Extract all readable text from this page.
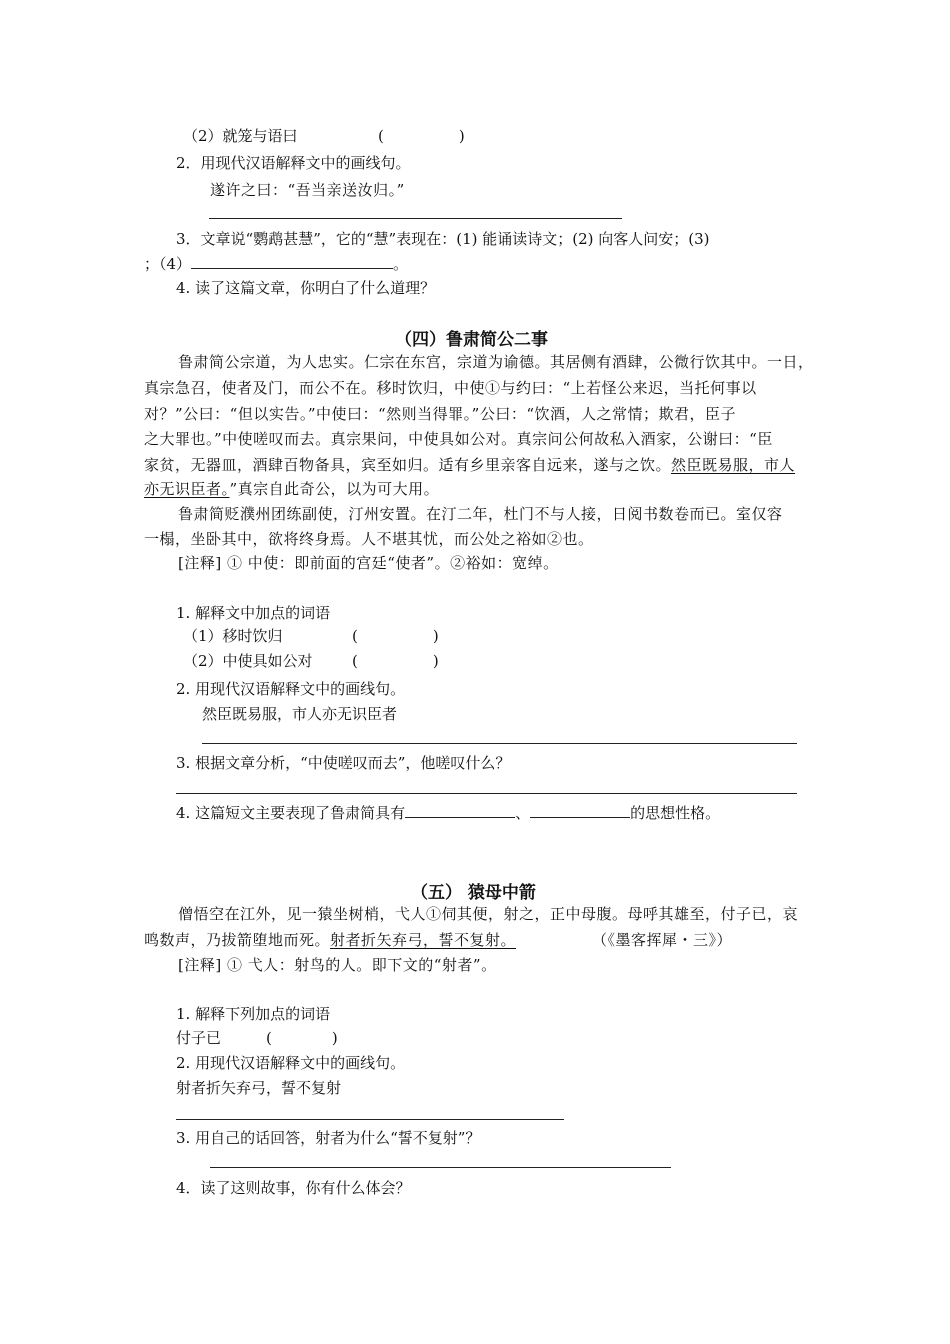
（2）就笼与语曰	(　　　　　)
2．用现代汉语解释文中的画线句。
遂许之曰：“吾当亲送汝归。”
3．文章说“鹦鹉甚慧”，它的“慧”表现在：(1) 能诵读诗文；(2) 向客人问安；(3)
；（4）	。
4. 读了这篇文章，你明白了什么道理？
（四）鲁肃简公二事
鲁肃简公宗道，为人忠实。仁宗在东宫，宗道为谕德。其居侧有酒肆，公微行饮其中。一日，
真宗急召，使者及门，而公不在。移时饮归，中使①与约曰：“上若怪公来迟，当托何事以
对？”公曰：“但以实告。”中使曰：“然则当得罪。”公曰：“饮酒，人之常情；欺君，臣子
之大罪也。”中使嗟叹而去。真宗果问，中使具如公对。真宗问公何故私入酒家，公谢曰：“臣
家贫，无器皿，酒肆百物备具，宾至如归。适有乡里亲客自远来，遂与之饮。然臣既易服，市人
亦无识臣者。”真宗自此奇公，以为可大用。
鲁肃简贬濮州团练副使，汀州安置。在汀二年，杜门不与人接，日阅书数卷而已。室仅容
一榻，坐卧其中，欲将终身焉。人不堪其忧，而公处之裕如②也。
[注释] ① 中使：即前面的宫廷“使者”。②裕如：宽绰。
1. 解释文中加点的词语
（1）移时饮归	(　　　　　)
（2）中使具如公对	(　　　　　)
2. 用现代汉语解释文中的画线句。
然臣既易服，市人亦无识臣者
3. 根据文章分析，“中使嗟叹而去”，他嗟叹什么？
4. 这篇短文主要表现了鲁肃简具有	、	的思想性格。
（五） 猿母中箭
僧悟空在江外，见一猿坐树梢，弋人①伺其便，射之，正中母腹。母呼其雄至，付子已，哀
鸣数声，乃拔箭堕地而死。射者折矢弃弓，誓不复射。	（《墨客挥犀・三》）
[注释] ① 弋人：射鸟的人。即下文的“射者”。
1. 解释下列加点的词语
付子已	(　　　　)
2. 用现代汉语解释文中的画线句。
射者折矢弃弓，誓不复射
3. 用自己的话回答，射者为什么“誓不复射”？
4．读了这则故事，你有什么体会？
